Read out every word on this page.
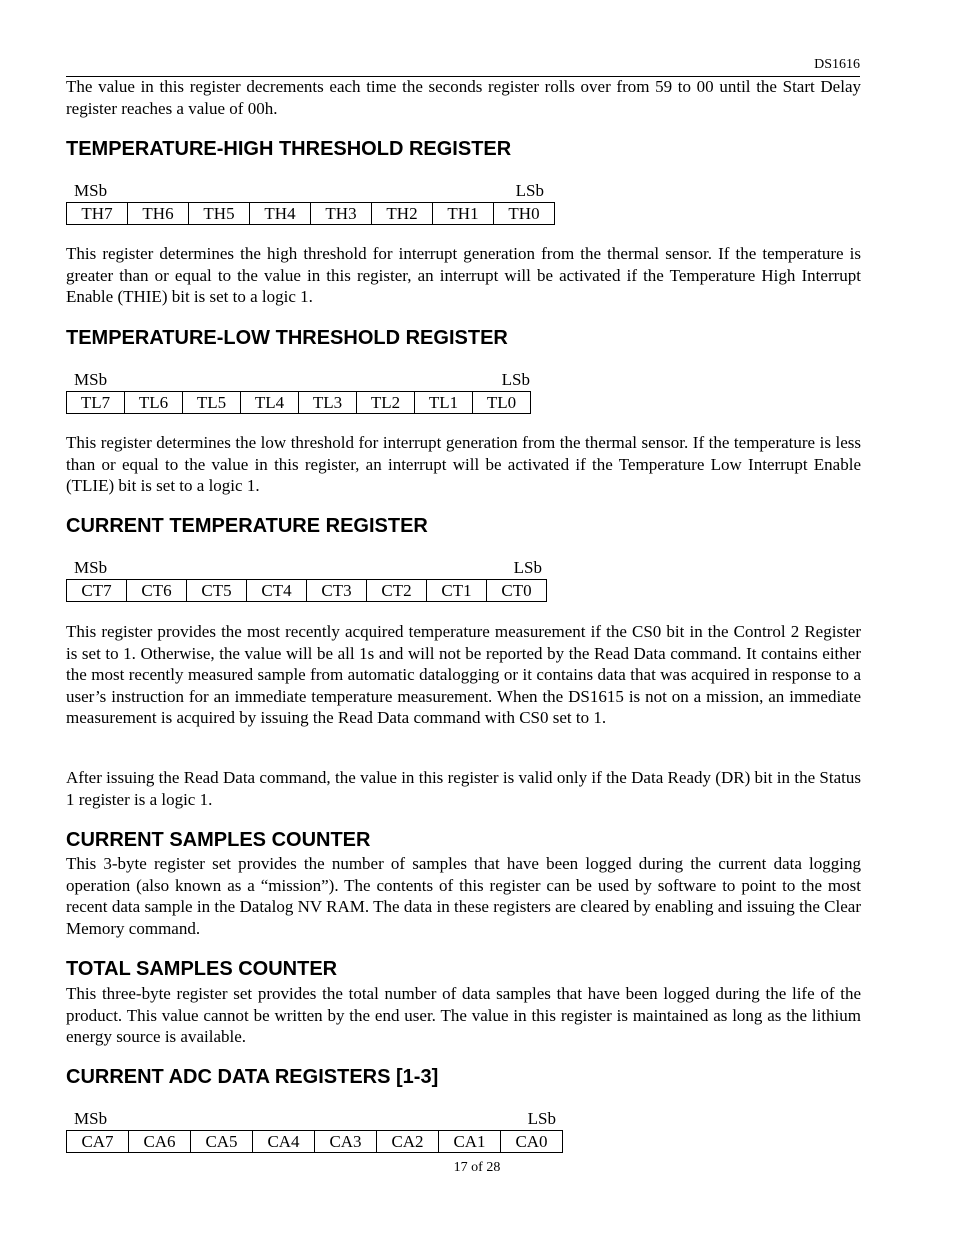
DS1616

The value in this register decrements each time the seconds register rolls over from 59 to 00 until the Start Delay register reaches a value of 00h.

TEMPERATURE-HIGH THRESHOLD REGISTER
MSb	LSb
TH7	TH6	TH5	TH4	TH3	TH2	TH1	TH0

This register determines the high threshold for interrupt generation from the thermal sensor. If the temperature is greater than or equal to the value in this register, an interrupt will be activated if the Temperature High Interrupt Enable (THIE) bit is set to a logic 1.

TEMPERATURE-LOW THRESHOLD REGISTER
MSb	LSb
TL7	TL6	TL5	TL4	TL3	TL2	TL1	TL0

This register determines the low threshold for interrupt generation from the thermal sensor. If the temperature is less than or equal to the value in this register, an interrupt will be activated if the Temperature Low Interrupt Enable (TLIE) bit is set to a logic 1.

CURRENT TEMPERATURE REGISTER
MSb	LSb
CT7	CT6	CT5	CT4	CT3	CT2	CT1	CT0

This register provides the most recently acquired temperature measurement if the CS0 bit in the Control 2 Register is set to 1. Otherwise, the value will be all 1s and will not be reported by the Read Data command. It contains either the most recently measured sample from automatic datalogging or it contains data that was acquired in response to a user’s instruction for an immediate temperature measurement. When the DS1615 is not on a mission, an immediate measurement is acquired by issuing the Read Data command with CS0 set to 1.

After issuing the Read Data command, the value in this register is valid only if the Data Ready (DR) bit in the Status 1 register is a logic 1.

CURRENT SAMPLES COUNTER

This 3-byte register set provides the number of samples that have been logged during the current data logging operation (also known as a “mission”). The contents of this register can be used by software to point to the most recent data sample in the Datalog NV RAM. The data in these registers are cleared by enabling and issuing the Clear Memory command.

TOTAL SAMPLES COUNTER

This three-byte register set provides the total number of data samples that have been logged during the life of the product. This value cannot be written by the end user. The value in this register is maintained as long as the lithium energy source is available.

CURRENT ADC DATA REGISTERS [1-3]
MSb	LSb
CA7	CA6	CA5	CA4	CA3	CA2	CA1	CA0
17 of 28
